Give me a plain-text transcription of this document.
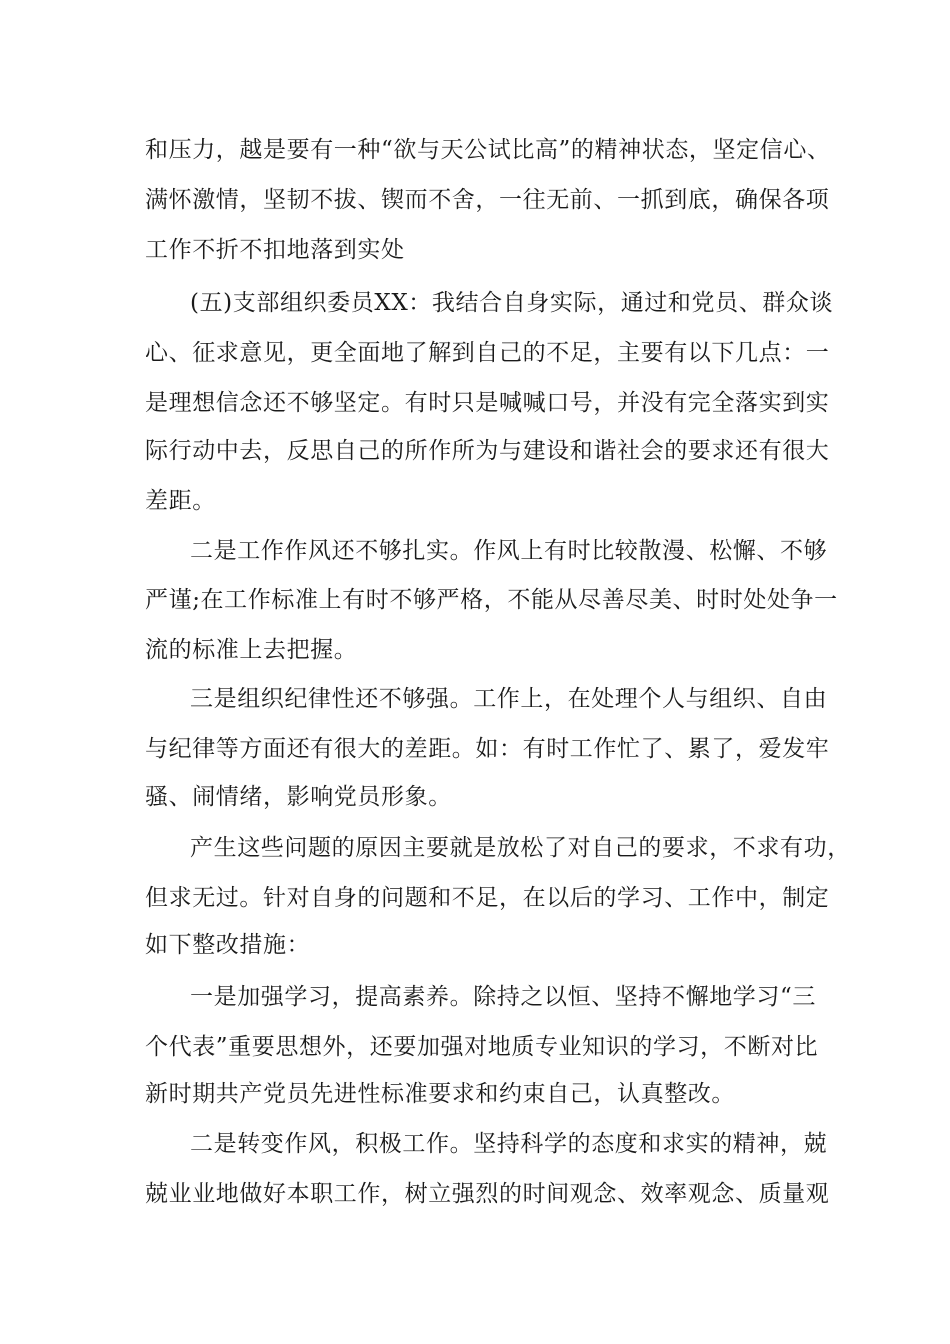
和压力，越是要有一种“欲与天公试比高”的精神状态，坚定信心、
满怀激情，坚韧不拔、锲而不舍，一往无前、一抓到底，确保各项
工作不折不扣地落到实处
(五)支部组织委员XX：我结合自身实际，通过和党员、群众谈
心、征求意见，更全面地了解到自己的不足，主要有以下几点：一
是理想信念还不够坚定。有时只是喊喊口号，并没有完全落实到实
际行动中去，反思自己的所作所为与建设和谐社会的要求还有很大
差距。
二是工作作风还不够扎实。作风上有时比较散漫、松懈、不够
严谨;在工作标准上有时不够严格，不能从尽善尽美、时时处处争一
流的标准上去把握。
三是组织纪律性还不够强。工作上，在处理个人与组织、自由
与纪律等方面还有很大的差距。如：有时工作忙了、累了，爱发牢
骚、闹情绪，影响党员形象。
产生这些问题的原因主要就是放松了对自己的要求，不求有功，
但求无过。针对自身的问题和不足，在以后的学习、工作中，制定
如下整改措施：
一是加强学习，提高素养。除持之以恒、坚持不懈地学习“三
个代表”重要思想外，还要加强对地质专业知识的学习，不断对比
新时期共产党员先进性标准要求和约束自己，认真整改。
二是转变作风，积极工作。坚持科学的态度和求实的精神，兢
兢业业地做好本职工作，树立强烈的时间观念、效率观念、质量观
